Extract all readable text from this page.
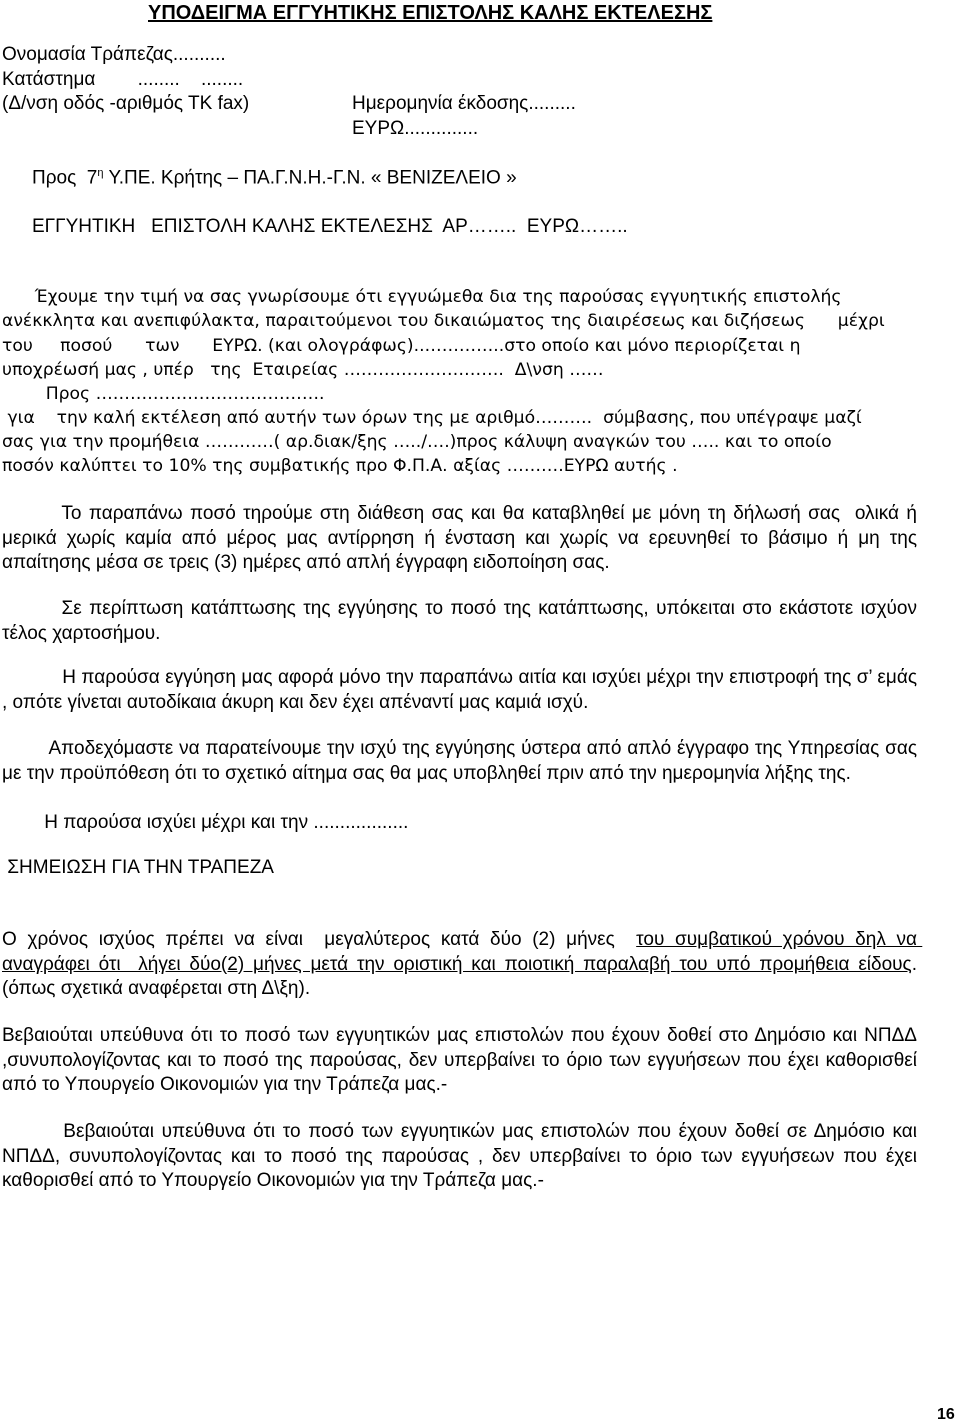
ΥΠΟΔΕΙΓΜΑ ΕΓΓΥΗΤΙΚΗΣ ΕΠΙΣΤΟΛΗΣ ΚΑΛΗΣ ΕΚΤΕΛΕΣΗΣ
Ονομασία Τράπεζας..........
Κατάστημα        ........    ........
(Δ/νση οδός -αριθμός ΤΚ fax)	Ημερομηνία έκδοσης.........
ΕΥΡΩ..............
Προς  $7^\eta$ Υ.ΠΕ. Κρήτης – ΠΑ.Γ.Ν.Η.-Γ.Ν. « ΒΕΝΙΖΕΛΕΙΟ »
ΕΓΓΥΗΤΙΚΗ   ΕΠΙΣΤΟΛΗ ΚΑΛΗΣ ΕΚΤΕΛΕΣΗΣ  ΑΡ……..  ΕΥΡΩ……..
Έχουμε την τιμή να σας γνωρίσουμε ότι εγγυώμεθα δια της παρούσας εγγυητικής επιστολής
ανέκκλητα και ανεπιφύλακτα, παραιτούμενοι του δικαιώματος της διαιρέσεως και διζήσεως      μέχρι
του     ποσού      των      ΕΥΡΩ. (και ολογράφως)..…………..στο οποίο και μόνο περιορίζεται η
υποχρέωσή μας , υπέρ   της  Εταιρείας ……………………….  Δ\νση ……
Προς ………………………………….
για    την καλή εκτέλεση από αυτήν των όρων της με αριθμό……….  σύμβασης, που υπέγραψε μαζί
σας για την προμήθεια …………( αρ.διακ/ξης …../….)προς κάλυψη αναγκών του ….. και το οποίο
ποσόν καλύπτει το 10% της συμβατικής προ Φ.Π.Α. αξίας ……….ΕΥΡΩ αυτής .
Το παραπάνω ποσό τηρούμε στη διάθεση σας και θα καταβληθεί με μόνη τη δήλωσή σας  ολικά ή μερικά χωρίς καμία από μέρος μας αντίρρηση ή ένσταση και χωρίς να ερευνηθεί το βάσιμο ή μη της απαίτησης μέσα σε τρεις (3) ημέρες από απλή έγγραφη ειδοποίηση σας.
Σε περίπτωση κατάπτωσης της εγγύησης το ποσό της κατάπτωσης, υπόκειται στο εκάστοτε ισχύον τέλος χαρτοσήμου.
Η παρούσα εγγύηση μας αφορά μόνο την παραπάνω αιτία και ισχύει μέχρι την επιστροφή της σ’ εμάς , οπότε γίνεται αυτοδίκαια άκυρη και δεν έχει απέναντί μας καμιά ισχύ.
Αποδεχόμαστε να παρατείνουμε την ισχύ της εγγύησης ύστερα από απλό έγγραφο της Υπηρεσίας σας με την προϋπόθεση ότι το σχετικό αίτημα σας θα μας υποβληθεί πριν από την ημερομηνία λήξης της.
Η παρούσα ισχύει μέχρι και την ..................
ΣΗΜΕΙΩΣΗ ΓΙΑ ΤΗΝ ΤΡΑΠΕΖΑ
Ο χρόνος ισχύος πρέπει να είναι  μεγαλύτερος κατά δύο (2) μήνες  του συμβατικού χρόνου δηλ να αναγράφει ότι  λήγει δύο(2) μήνες μετά την οριστική και ποιοτική παραλαβή του υπό προμήθεια είδους. (όπως σχετικά αναφέρεται στη Δ\ξη).
Βεβαιούται υπεύθυνα ότι το ποσό των εγγυητικών μας επιστολών που έχουν δοθεί στο Δημόσιο και ΝΠΔΔ ,συνυπολογίζοντας και το ποσό της παρούσας, δεν υπερβαίνει το όριο των εγγυήσεων που έχει καθορισθεί από το Υπουργείο Οικονομιών για την Τράπεζα μας.-
Βεβαιούται υπεύθυνα ότι το ποσό των εγγυητικών μας επιστολών που έχουν δοθεί σε Δημόσιο και ΝΠΔΔ, συνυπολογίζοντας και το ποσό της παρούσας , δεν υπερβαίνει το όριο των εγγυήσεων που έχει καθορισθεί από το Υπουργείο Οικονομιών για την Τράπεζα μας.-
16
